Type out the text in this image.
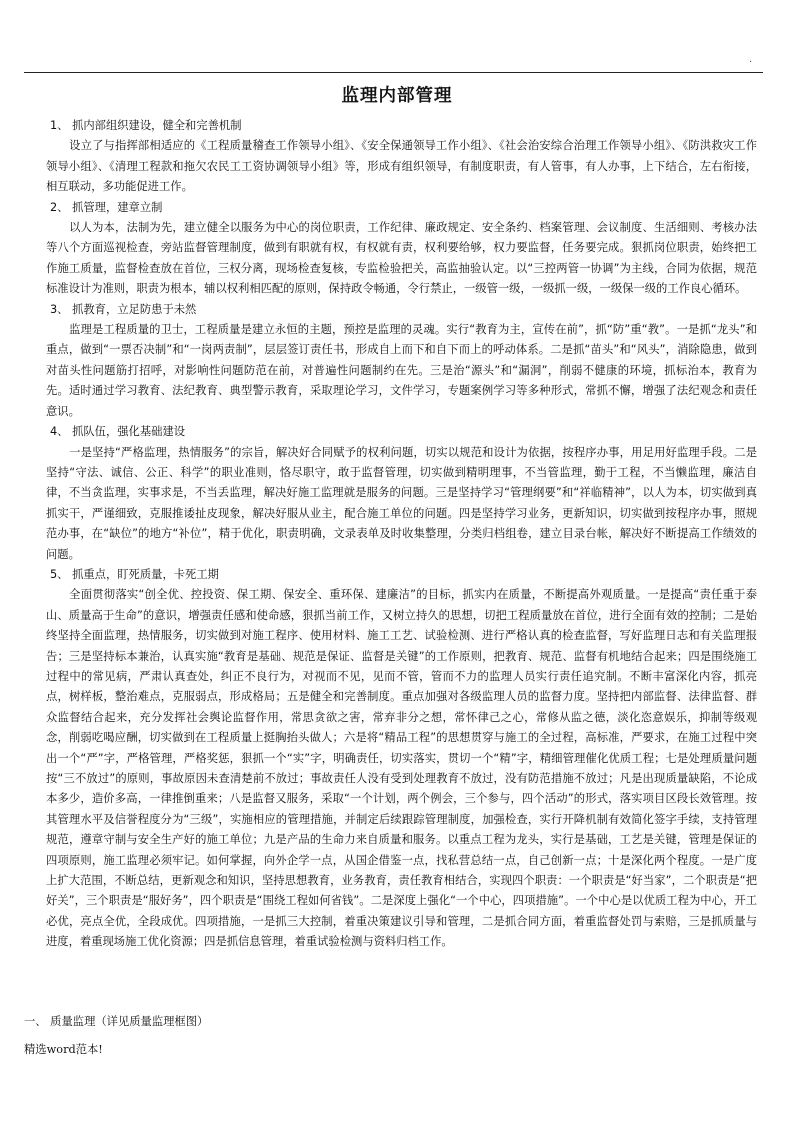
.
监理内部管理

1、 抓内部组织建设，健全和完善机制

设立了与指挥部相适应的《工程质量稽查工作领导小组》、《安全保通领导工作小组》、《社会治安综合治理工作领导小组》、《防洪救灾工作领导小组》、《清理工程款和拖欠农民工工资协调领导小组》等，形成有组织领导，有制度职责，有人管事，有人办事，上下结合，左右衔接，相互联动，多功能促进工作。

2、 抓管理，建章立制

以人为本，法制为先，建立健全以服务为中心的岗位职责，工作纪律、廉政规定、安全条约、档案管理、会议制度、生活细则、考核办法等八个方面巡视检查，旁站监督管理制度，做到有职就有权，有权就有责，权利要给够，权力要监督，任务要完成。狠抓岗位职责，始终把工作施工质量，监督检查放在首位，三权分离，现场检查复核，专监检验把关，高监抽验认定。以“三控两管一协调”为主线，合同为依据，规范标准设计为准则，职责为根本，辅以权利相匹配的原则，保持政令畅通，令行禁止，一级管一级，一级抓一级，一级保一级的工作良心循环。

3、 抓教育，立足防患于未然

监理是工程质量的卫士，工程质量是建立永恒的主题，预控是监理的灵魂。实行“教育为主，宣传在前”，抓“防”重“教”。一是抓“龙头”和重点，做到“一票否决制”和“一岗两责制”，层层签订责任书，形成自上而下和自下而上的呼动体系。二是抓“苗头”和“风头”，消除隐患，做到对苗头性问题筋打招呼，对影响性问题防范在前，对普遍性问题制约在先。三是治“源头”和“漏洞”，削弱不健康的环境，抓标治本，教育为先。适时通过学习教育、法纪教育、典型警示教育，采取理论学习，文件学习，专题案例学习等多种形式，常抓不懈，增强了法纪观念和责任意识。

4、 抓队伍，强化基础建设

一是坚持“严格监理，热情服务”的宗旨，解决好合同赋予的权利问题，切实以规范和设计为依据，按程序办事，用足用好监理手段。二是坚持“守法、诚信、公正、科学”的职业准则，恪尽职守，敢于监督管理，切实做到精明理事，不当管监理，勤于工程，不当懒监理，廉洁自律，不当贪监理，实事求是，不当丢监理，解决好施工监理就是服务的问题。三是坚持学习“管理纲要”和“祥临精神”，以人为本，切实做到真抓实干，严谨细致，克服推诿扯皮现象，解决好服从业主，配合施工单位的问题。四是坚持学习业务，更新知识，切实做到按程序办事，照规范办事，在“缺位”的地方“补位”，精于优化，职责明确，文录表单及时收集整理，分类归档组卷，建立目录台帐，解决好不断提高工作绩效的问题。

5、 抓重点，盯死质量，卡死工期

全面贯彻落实“创全优、控投资、保工期、保安全、重环保、建廉洁”的目标，抓实内在质量，不断提高外观质量。一是提高“责任重于泰山、质量高于生命”的意识，增强责任感和使命感，狠抓当前工作，又树立持久的思想，切把工程质量放在首位，进行全面有效的控制；二是始终坚持全面监理，热情服务，切实做到对施工程序、使用材料、施工工艺、试验检测、进行严格认真的检查监督，写好监理日志和有关监理报告；三是坚持标本兼治，认真实施“教育是基础、规范是保证、监督是关键”的工作原则，把教育、规范、监督有机地结合起来；四是围绕施工过程中的常见病，严肃认真查处，纠正不良行为，对视而不见，见而不管，管而不力的监理人员实行责任追究制。不断丰富深化内容，抓亮点，树样板，整治难点，克服弱点，形成格局；五是健全和完善制度。重点加强对各级监理人员的监督力度。坚持把内部监督、法律监督、群众监督结合起来，充分发挥社会舆论监督作用，常思贪欲之害，常弃非分之想，常怀律己之心，常修从监之德，淡化恣意娱乐，抑制等级观念，削弱吃喝应酬，切实做到在工程质量上挺胸抬头做人；六是将“精品工程”的思想贯穿与施工的全过程，高标准，严要求，在施工过程中突出一个“严”字，严格管理，严格奖惩，狠抓一个“实”字，明确责任，切实落实，贯切一个“精”字，精细管理催化优质工程；七是处理质量问题按“三不放过”的原则，事故原因未查清楚前不放过；事故责任人没有受到处理教育不放过，没有防范措施不放过；凡是出现质量缺陷，不论成本多少，造价多高，一律推倒重来；八是监督又服务，采取“一个计划，两个例会，三个参与，四个活动”的形式，落实项目区段长效管理。按其管理水平及信誉程度分为“三级”，实施相应的管理措施，并制定后续跟踪管理制度，加强检查，实行开降机制有效简化签字手续，支持管理规范，遵章守制与安全生产好的施工单位；九是产品的生命力来自质量和服务。以重点工程为龙头，实行是基础，工艺是关键，管理是保证的四项原则，施工监理必须牢记。如何掌握，向外企学一点，从国企借鉴一点，找私营总结一点，自己创新一点；十是深化两个程度。一是广度上扩大范围，不断总结，更新观念和知识，坚持思想教育，业务教育，责任教育相结合，实现四个职责：一个职责是“好当家”，二个职责是“把好关”，三个职责是“服好务”，四个职责是“围绕工程如何省钱”。二是深度上强化“一个中心，四项措施”。一个中心是以优质工程为中心，开工必优，亮点全优，全段成优。四项措施，一是抓三大控制，着重决策建议引导和管理，二是抓合同方面，着重监督处罚与索赔，三是抓质量与进度，着重现场施工优化资源；四是抓信息管理，着重试验检测与资料归档工作。

一、 质量监理（详见质量监理框图）
精选word范本!
